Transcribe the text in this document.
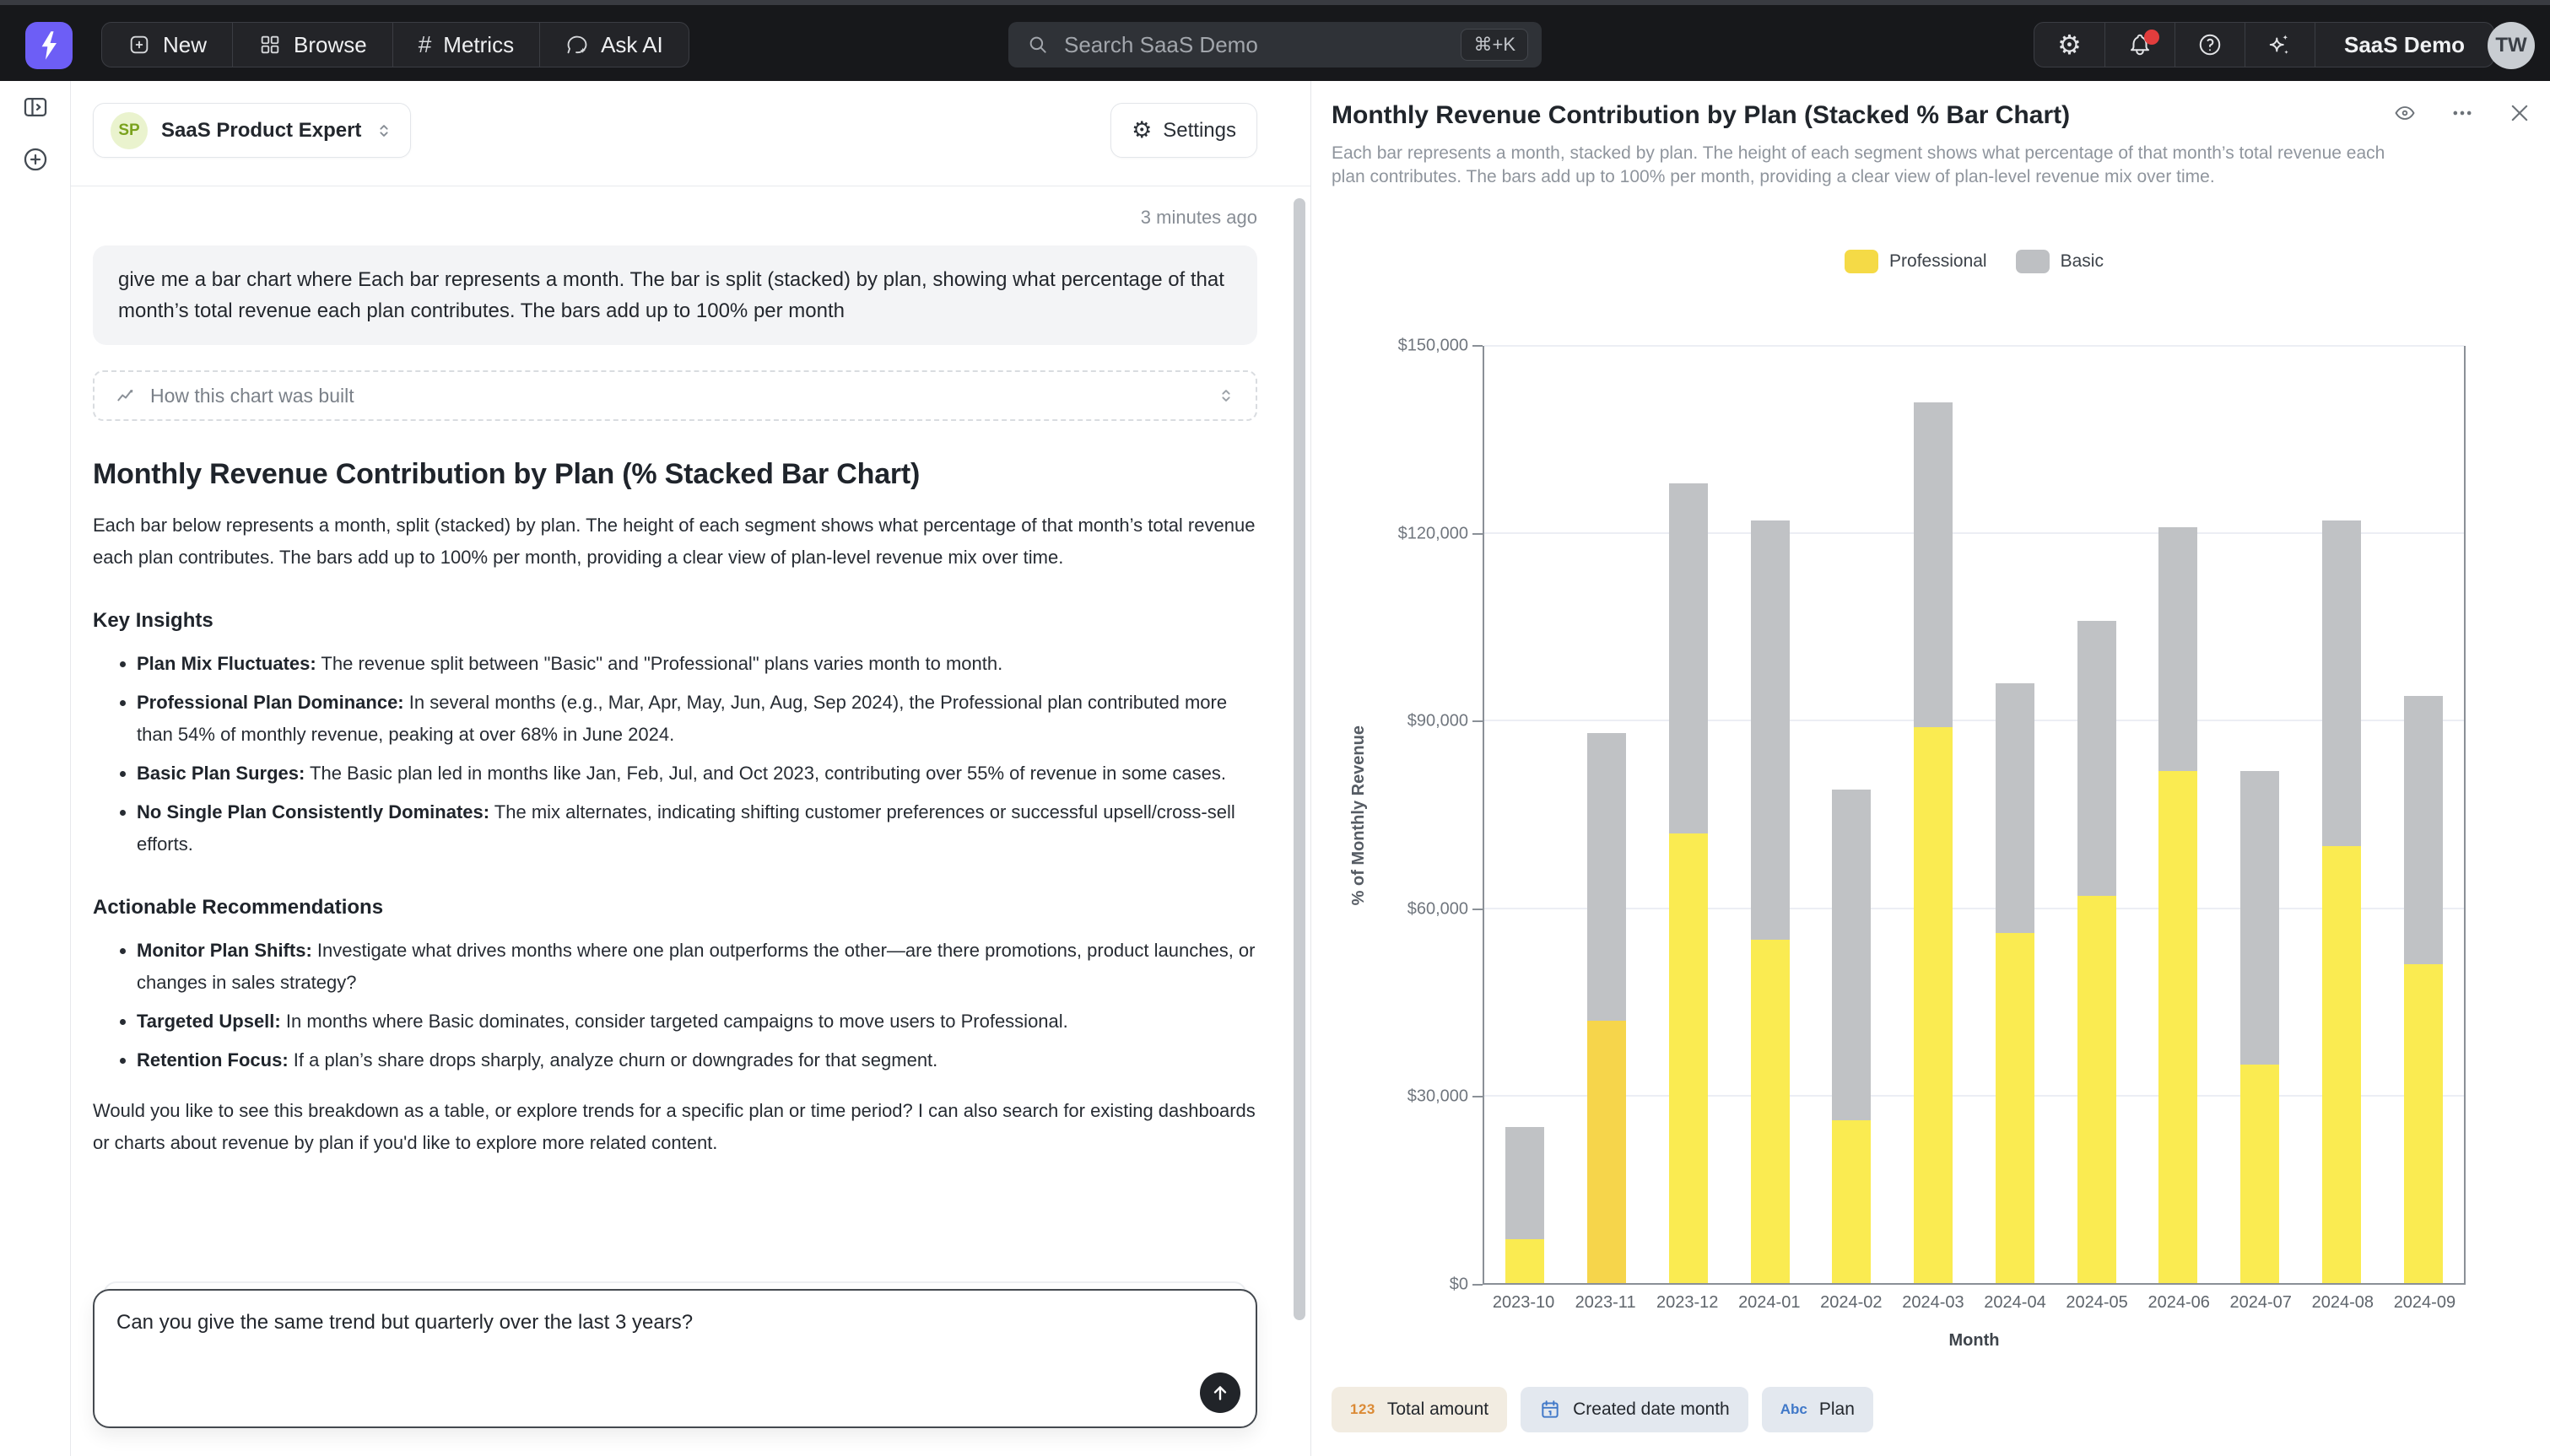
New	Browse # Metrics	Ask AI
Search SaaS Demo	⌘+K	⚙	SaaS Demo	TW
SP	SaaS Product Expert	⚙ Settings
3 minutes ago
give me a bar chart where Each bar represents a month. The bar is split (stacked) by plan, showing what percentage of that month’s total revenue each plan contributes. The bars add up to 100% per month
How this chart was built
Monthly Revenue Contribution by Plan (% Stacked Bar Chart)

Each bar below represents a month, split (stacked) by plan. The height of each segment shows what percentage of that month’s total revenue each plan contributes. The bars add up to 100% per month, providing a clear view of plan-level revenue mix over time.

Key Insights
• Plan Mix Fluctuates: The revenue split between "Basic" and "Professional" plans varies month to month.
• Professional Plan Dominance: In several months (e.g., Mar, Apr, May, Jun, Aug, Sep 2024), the Professional plan contributed more than 54% of monthly revenue, peaking at over 68% in June 2024.
• Basic Plan Surges: The Basic plan led in months like Jan, Feb, Jul, and Oct 2023, contributing over 55% of revenue in some cases.
• No Single Plan Consistently Dominates: The mix alternates, indicating shifting customer preferences or successful upsell/cross-sell efforts.
Actionable Recommendations
• Monitor Plan Shifts: Investigate what drives months where one plan outperforms the other—are there promotions, product launches, or changes in sales strategy?
• Targeted Upsell: In months where Basic dominates, consider targeted campaigns to move users to Professional.
• Retention Focus: If a plan’s share drops sharply, analyze churn or downgrades for that segment.

Would you like to see this breakdown as a table, or explore trends for a specific plan or time period? I can also search for existing dashboards or charts about revenue by plan if you'd like to explore more related content.

Can you give the same trend but quarterly over the last 3 years?
Monthly Revenue Contribution by Plan (Stacked % Bar Chart)
Each bar represents a month, stacked by plan. The height of each segment shows what percentage of that month’s total revenue each plan contributes. The bars add up to 100% per month, providing a clear view of plan-level revenue mix over time.
Professional	Basic
% of Monthly Revenue
$0
$30,000
$60,000
$90,000
$120,000
$150,000
2023-10	2023-11	2023-12	2024-01	2024-02	2024-03	2024-04	2024-05	2024-06	2024-07	2024-08	2024-09
Month
123 Total amount	Created date month	Abc Plan
